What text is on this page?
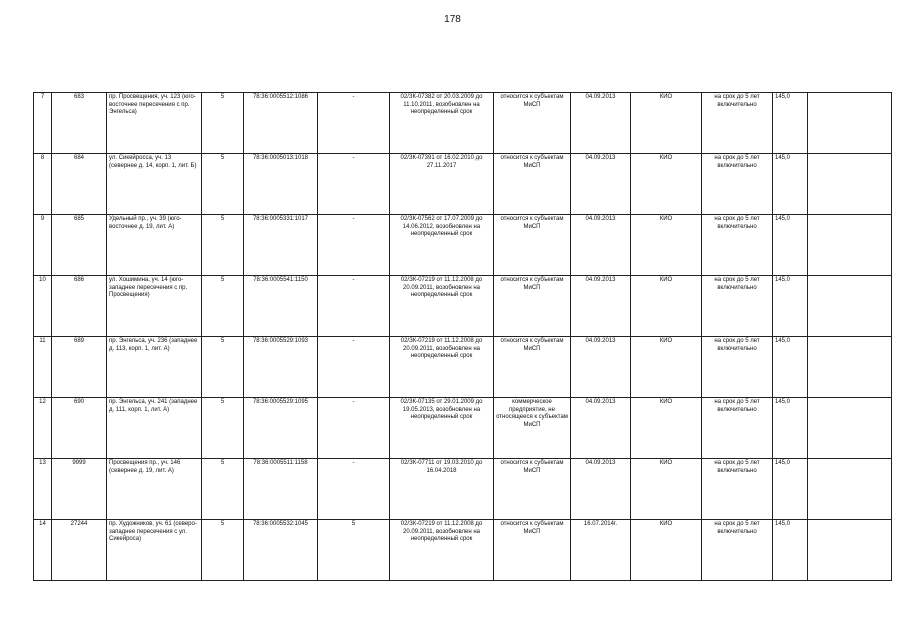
178
7	683	пр. Просвещения, уч. 123 (юго-восточнее пересечения с пр. Энгельса)	5	78:36:0005512:1086	-	02/ЗК-07382 от 20.03.2009 до 11.10.2011, возобновлен на неопределенный срок	относится к субъектам МиСП	04.09.2013	КИО	на срок до 5 лет включительно	145,0	
8	684	ул. Сикейросса, уч. 13 (севернее д. 14, корп. 1, лит. Б)	5	78:36:0005013:1018	-	02/ЗК-07391 от 16.02.2010 до 27.11.2017	относится к субъектам МиСП	04.09.2013	КИО	на срок до 5 лет включительно	145,0	
9	685	Удельный пр., уч. 39 (юго-восточнее д. 19, лит. А)	5	78:36:0005331:1017	-	02/ЗК-07562 от 17.07.2009 до 14.06.2012, возобновлен на неопределенный срок	относится к субъектам МиСП	04.09.2013	КИО	на срок до 5 лет включительно	145,0	
10	686	ул. Хошимина, уч. 14 (юго-западнее пересечения с пр. Просвещения)	5	78:36:0005541:1150	-	02/ЗК-07219 от 11.12.2008 до 20.09.2011, возобновлен на неопределенный срок	относится к субъектам МиСП	04.09.2013	КИО	на срок до 5 лет включительно	145,0	
11	689	пр. Энгельса, уч. 236 (западнее д. 113, корп. 1, лит. А)	5	78:36:0005529:1093	-	02/ЗК-07219 от 11.12.2008 до 20.09.2011, возобновлен на неопределенный срок	относится к субъектам МиСП	04.09.2013	КИО	на срок до 5 лет включительно	145,0	
12	690	пр. Энгельса, уч. 241 (западнее д. 111, корп. 1, лит. А)	5	78:36:0005529:1095	-	02/ЗК-07135 от 29.01.2009 до 19.05.2013, возобновлен на неопределенный срок	коммерческое предприятие, не относящееся к субъектам МиСП	04.09.2013	КИО	на срок до 5 лет включительно	145,0	
13	9999	Просвещения пр., уч. 146 (севернее д. 19, лит. А)	5	78:36:0005511:1158	-	02/ЗК-07711 от 19.03.2010 до 16.04.2018	относится к субъектам МиСП	04.09.2013	КИО	на срок до 5 лет включительно	145,0	
14	27244	пр. Художников, уч. 61 (северо-западнее пересечения с ул. Сикейроса)	5	78:36:0005532:1045	5	02/ЗК-07219 от 11.12.2008 до 20.09.2011, возобновлен на неопределенный срок	относится к субъектам МиСП	16.07.2014г.	КИО	на срок до 5 лет включительно	145,0	
